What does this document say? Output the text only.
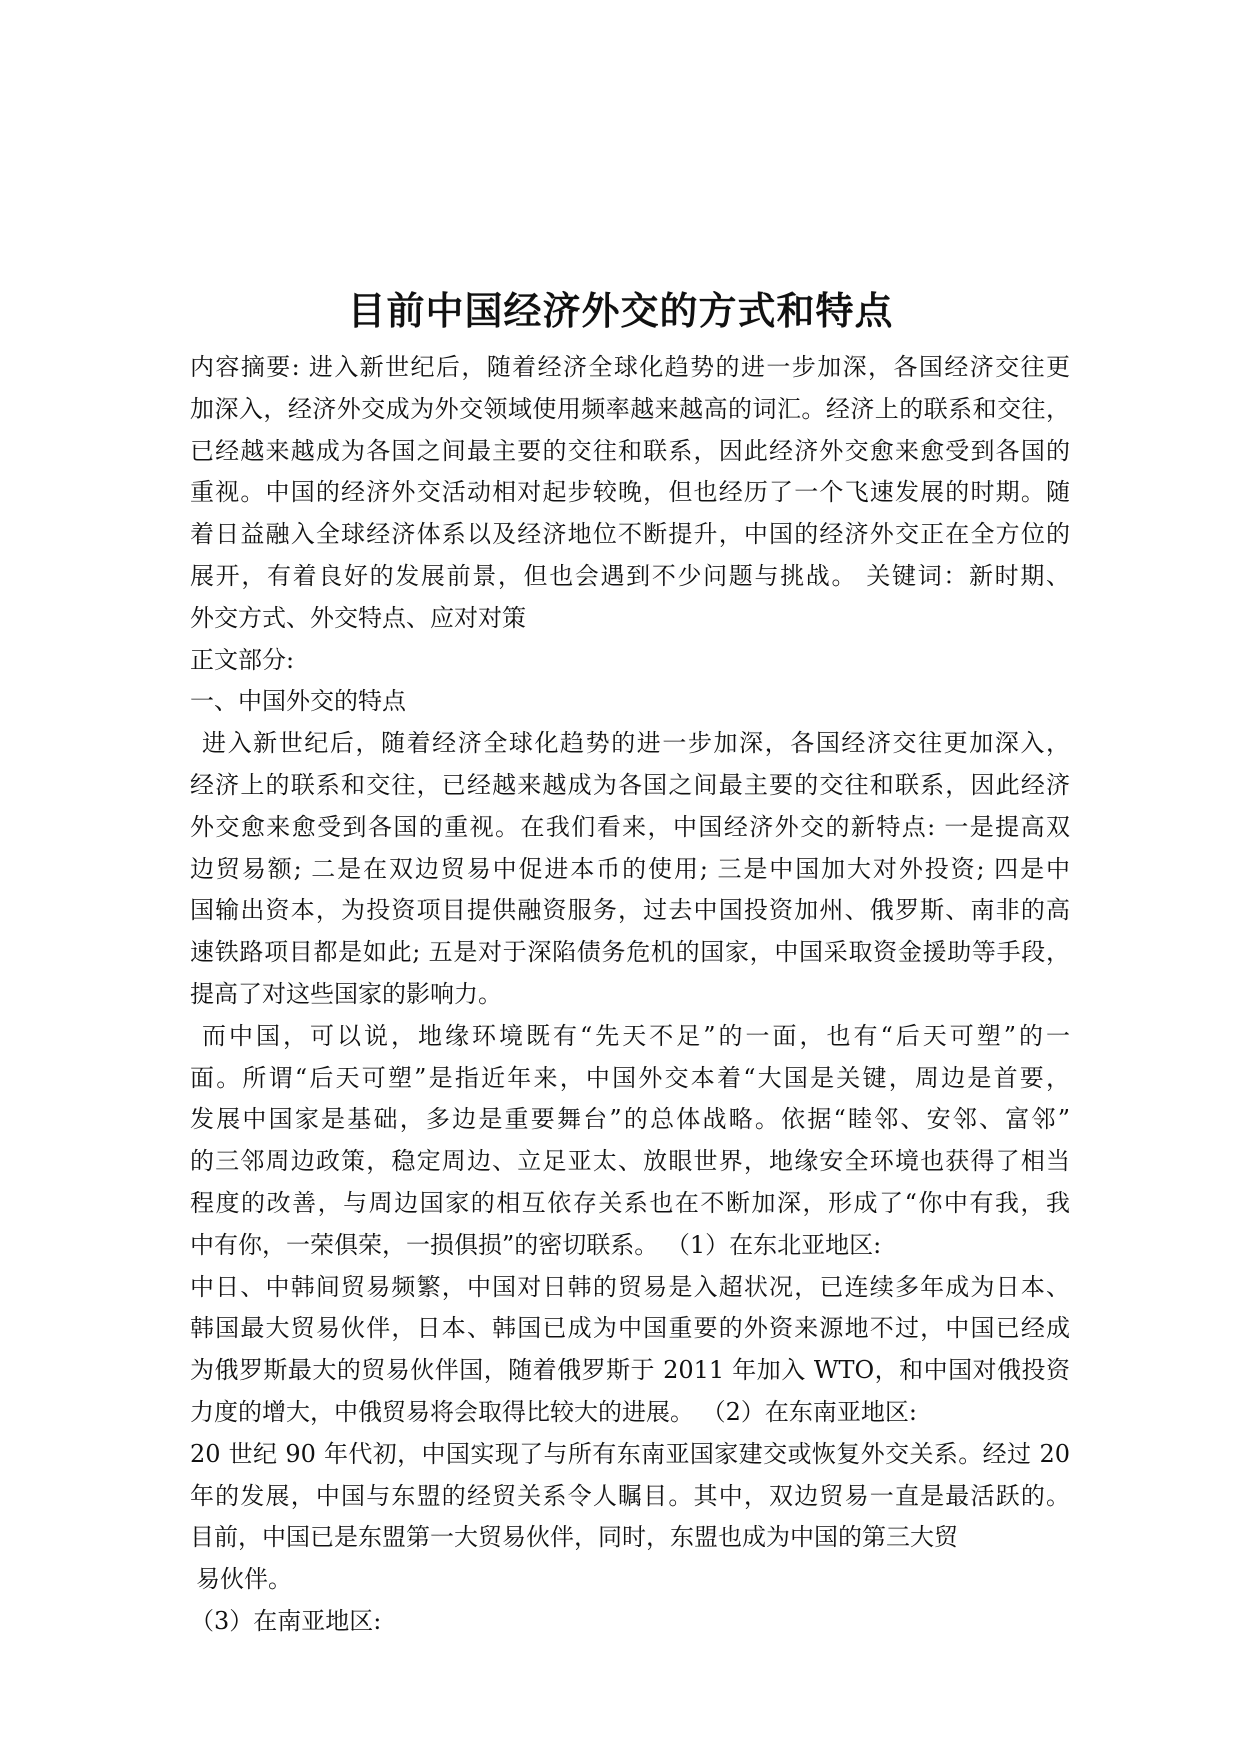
目前中国经济外交的方式和特点
内容摘要: 进入新世纪后，随着经济全球化趋势的进一步加深，各国经济交往更
加深入，经济外交成为外交领域使用频率越来越高的词汇。经济上的联系和交往，
已经越来越成为各国之间最主要的交往和联系，因此经济外交愈来愈受到各国的
重视。中国的经济外交活动相对起步较晚，但也经历了一个飞速发展的时期。随
着日益融入全球经济体系以及经济地位不断提升，中国的经济外交正在全方位的
展开，有着良好的发展前景，但也会遇到不少问题与挑战。 关键词：新时期、
外交方式、外交特点、应对对策
正文部分:
一、中国外交的特点
进入新世纪后，随着经济全球化趋势的进一步加深，各国经济交往更加深入，
经济上的联系和交往，已经越来越成为各国之间最主要的交往和联系，因此经济
外交愈来愈受到各国的重视。在我们看来，中国经济外交的新特点: 一是提高双
边贸易额; 二是在双边贸易中促进本币的使用; 三是中国加大对外投资; 四是中
国输出资本，为投资项目提供融资服务，过去中国投资加州、俄罗斯、南非的高
速铁路项目都是如此; 五是对于深陷债务危机的国家，中国采取资金援助等手段，
提高了对这些国家的影响力。
而中国，可以说，地缘环境既有“先天不足”的一面，也有“后天可塑”的一
面。所谓“后天可塑”是指近年来，中国外交本着“大国是关键，周边是首要，
发展中国家是基础，多边是重要舞台”的总体战略。依据“睦邻、安邻、富邻”
的三邻周边政策，稳定周边、立足亚太、放眼世界，地缘安全环境也获得了相当
程度的改善，与周边国家的相互依存关系也在不断加深，形成了“你中有我，我
中有你，一荣俱荣，一损俱损”的密切联系。 （1）在东北亚地区:
中日、中韩间贸易频繁，中国对日韩的贸易是入超状况，已连续多年成为日本、
韩国最大贸易伙伴，日本、韩国已成为中国重要的外资来源地不过，中国已经成
为俄罗斯最大的贸易伙伴国，随着俄罗斯于 2011 年加入 WTO，和中国对俄投资
力度的增大，中俄贸易将会取得比较大的进展。 （2）在东南亚地区:
20 世纪 90 年代初，中国实现了与所有东南亚国家建交或恢复外交关系。经过 20
年的发展，中国与东盟的经贸关系令人瞩目。其中，双边贸易一直是最活跃的。
目前，中国已是东盟第一大贸易伙伴，同时，东盟也成为中国的第三大贸
易伙伴。
（3）在南亚地区:
